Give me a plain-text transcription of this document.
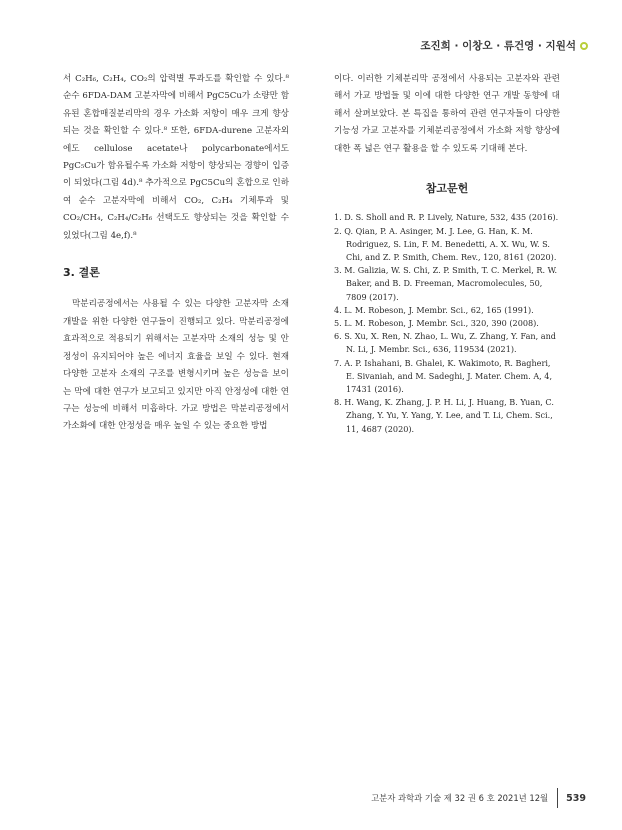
조진희 · 이창오 · 류건영 · 지원석

서 C₂H₆, C₂H₄, CO₂의 압력별 투과도를 확인할 수 있다.⁸ 순수 6FDA-DAM 고분자막에 비해서 PgC5Cu가 소량만 함유된 혼합매질분리막의 경우 가소화 저항이 매우 크게 향상되는 것을 확인할 수 있다.⁸ 또한, 6FDA-durene 고분자외에도 cellulose acetate나 polycarbonate에서도 PgC₅Cu가 함유될수록 가소화 저항이 향상되는 경향이 입증이 되었다(그림 4d).⁸ 추가적으로 PgC5Cu의 혼합으로 인하여 순수 고분자막에 비해서 CO₂, C₂H₄ 기체투과 및 CO₂/CH₄, C₂H₄/C₂H₆ 선택도도 향상되는 것을 확인할 수 있었다(그림 4e,f).⁸

3. 결론

막분리공정에서는 사용될 수 있는 다양한 고분자막 소재 개발을 위한 다양한 연구들이 진행되고 있다. 막분리공정에 효과적으로 적용되기 위해서는 고분자막 소재의 성능 및 안정성이 유지되어야 높은 에너지 효율을 보일 수 있다. 현재 다양한 고분자 소재의 구조를 변형시키며 높은 성능을 보이는 막에 대한 연구가 보고되고 있지만 아직 안정성에 대한 연구는 성능에 비해서 미흡하다. 가교 방법은 막분리공정에서 가소화에 대한 안정성을 매우 높일 수 있는 중요한 방법

이다. 이러한 기체분리막 공정에서 사용되는 고분자와 관련해서 가교 방법들 및 이에 대한 다양한 연구 개발 동향에 대해서 살펴보았다. 본 특집을 통하여 관련 연구자들이 다양한 기능성 가교 고분자를 기체분리공정에서 가소화 저항 향상에 대한 폭 넓은 연구 활용을 할 수 있도록 기대해 본다.

참고문헌
1. D. S. Sholl and R. P. Lively, Nature, 532, 435 (2016).
2. Q. Qian, P. A. Asinger, M. J. Lee, G. Han, K. M. Rodriguez, S. Lin, F. M. Benedetti, A. X. Wu, W. S. Chi, and Z. P. Smith, Chem. Rev., 120, 8161 (2020).
3. M. Galizia, W. S. Chi, Z. P. Smith, T. C. Merkel, R. W. Baker, and B. D. Freeman, Macromolecules, 50, 7809 (2017).
4. L. M. Robeson, J. Membr. Sci., 62, 165 (1991).
5. L. M. Robeson, J. Membr. Sci., 320, 390 (2008).
6. S. Xu, X. Ren, N. Zhao, L. Wu, Z. Zhang, Y. Fan, and N. Li, J. Membr. Sci., 636, 119534 (2021).
7. A. P. Ishahani, B. Ghalei, K. Wakimoto, R. Bagheri, E. Sivaniah, and M. Sadeghi, J. Mater. Chem. A, 4, 17431 (2016).
8. H. Wang, K. Zhang, J. P. H. Li, J. Huang, B. Yuan, C. Zhang, Y. Yu, Y. Yang, Y. Lee, and T. Li, Chem. Sci., 11, 4687 (2020).
고분자 과학과 기술 제 32 권 6 호 2021년 12월 539
